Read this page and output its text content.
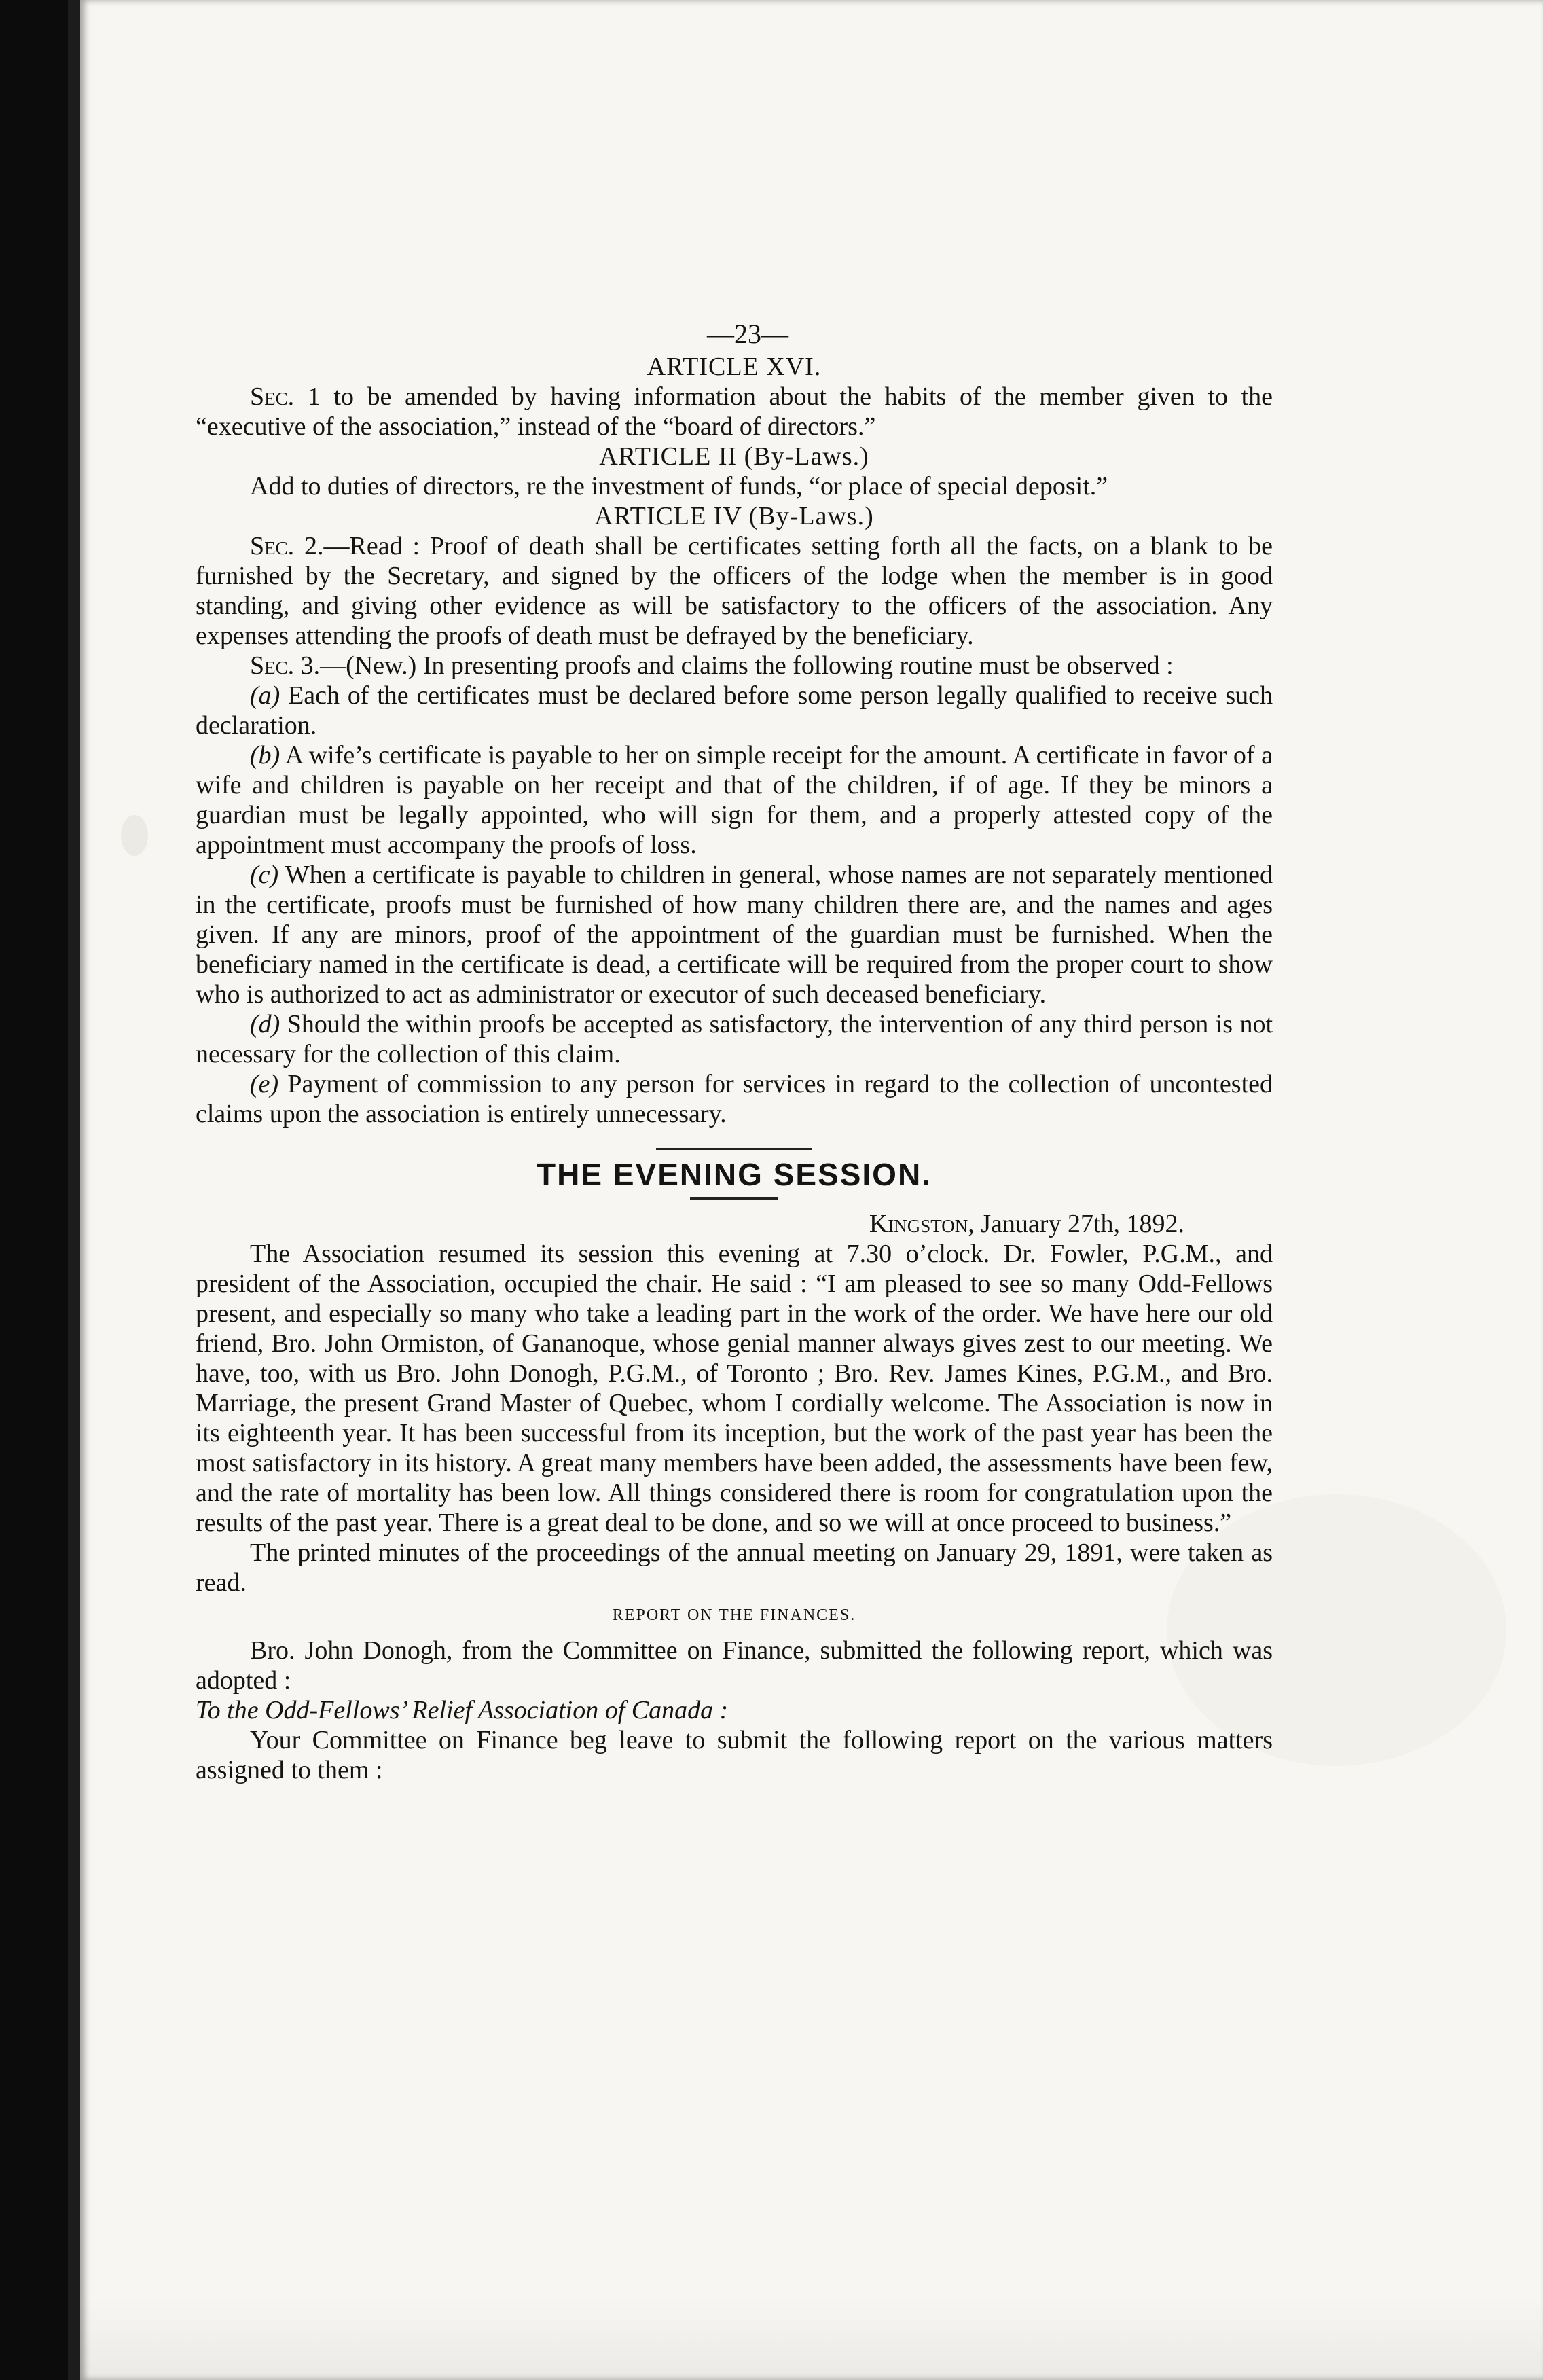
—23—

ARTICLE XVI.

Sec. 1 to be amended by having information about the habits of the member given to the “executive of the association,” instead of the “board of directors.”

ARTICLE II (By-Laws.)

Add to duties of directors, re the investment of funds, “or place of special deposit.”

ARTICLE IV (By-Laws.)

Sec. 2.—Read : Proof of death shall be certificates setting forth all the facts, on a blank to be furnished by the Secretary, and signed by the officers of the lodge when the member is in good standing, and giving other evidence as will be satisfactory to the officers of the association. Any expenses attending the proofs of death must be defrayed by the beneficiary.

Sec. 3.—(New.) In presenting proofs and claims the following routine must be observed :

(a) Each of the certificates must be declared before some person legally qualified to receive such declaration.

(b) A wife’s certificate is payable to her on simple receipt for the amount. A certificate in favor of a wife and children is payable on her receipt and that of the children, if of age. If they be minors a guardian must be legally appointed, who will sign for them, and a properly attested copy of the appointment must accompany the proofs of loss.

(c) When a certificate is payable to children in general, whose names are not separately mentioned in the certificate, proofs must be furnished of how many children there are, and the names and ages given. If any are minors, proof of the appointment of the guardian must be furnished. When the beneficiary named in the certificate is dead, a certificate will be required from the proper court to show who is authorized to act as administrator or executor of such deceased beneficiary.

(d) Should the within proofs be accepted as satisfactory, the intervention of any third person is not necessary for the collection of this claim.

(e) Payment of commission to any person for services in regard to the collection of uncontested claims upon the association is entirely unnecessary.

THE EVENING SESSION.

Kingston, January 27th, 1892.

The Association resumed its session this evening at 7.30 o’clock. Dr. Fowler, P.G.M., and president of the Association, occupied the chair. He said : “I am pleased to see so many Odd-Fellows present, and especially so many who take a leading part in the work of the order. We have here our old friend, Bro. John Ormiston, of Gananoque, whose genial manner always gives zest to our meeting. We have, too, with us Bro. John Donogh, P.G.M., of Toronto ; Bro. Rev. James Kines, P.G.M., and Bro. Marriage, the present Grand Master of Quebec, whom I cordially welcome. The Association is now in its eighteenth year. It has been successful from its inception, but the work of the past year has been the most satisfactory in its history. A great many members have been added, the assessments have been few, and the rate of mortality has been low. All things considered there is room for congratulation upon the results of the past year. There is a great deal to be done, and so we will at once proceed to business.”

The printed minutes of the proceedings of the annual meeting on January 29, 1891, were taken as read.

REPORT ON THE FINANCES.

Bro. John Donogh, from the Committee on Finance, submitted the following report, which was adopted :

To the Odd-Fellows’ Relief Association of Canada :

Your Committee on Finance beg leave to submit the following report on the various matters assigned to them :
